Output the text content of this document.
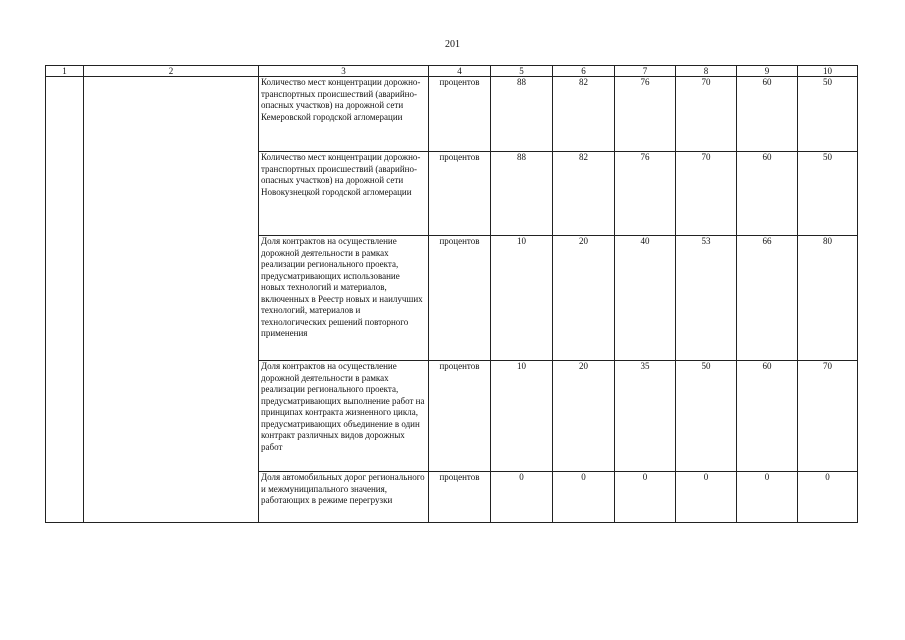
201
1	2	3	4	5	6	7	8	9	10
		Количество мест концентрации дорожно-транспортных происшествий (аварийно-опасных участков) на дорожной сети Кемеровской городской агломерации	процентов	88	82	76	70	60	50
		Количество мест концентрации дорожно-транспортных происшествий (аварийно-опасных участков) на дорожной сети Новокузнецкой городской агломерации	процентов	88	82	76	70	60	50
		Доля контрактов на осуществление дорожной деятельности в рамках реализации регионального проекта, предусматривающих использование новых технологий и материалов, включенных в Реестр новых и наилучших технологий, материалов и технологических решений повторного применения	процентов	10	20	40	53	66	80
		Доля контрактов на осуществление дорожной деятельности в рамках реализации регионального проекта, предусматривающих выполнение работ на принципах контракта жизненного цикла, предусматривающих объединение в один контракт различных видов дорожных работ	процентов	10	20	35	50	60	70
		Доля автомобильных дорог регионального и межмуниципального значения, работающих в режиме перегрузки	процентов	0	0	0	0	0	0
